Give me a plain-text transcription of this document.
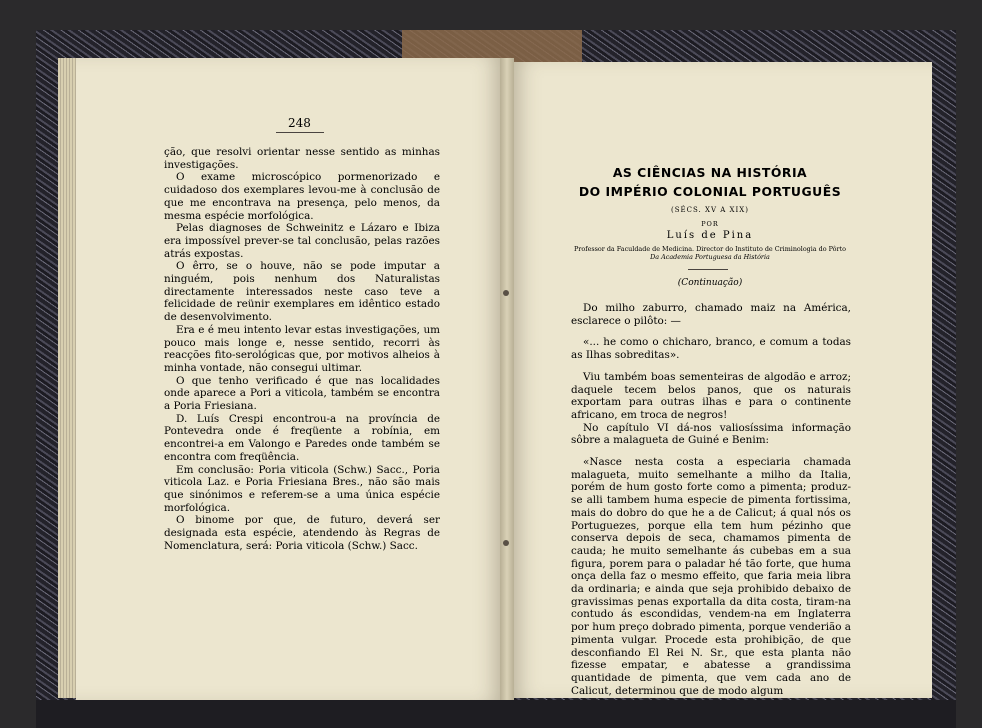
248

ção, que resolvi orientar nesse sentido as minhas investigações.

O exame microscópico pormenorizado e cuidadoso dos exemplares levou-me à conclusão de que me encontrava na presença, pelo menos, da mesma espécie morfológica.

Pelas diagnoses de Schweinitz e Lázaro e Ibiza era impossível prever-se tal conclusão, pelas razões atrás expostas.

O êrro, se o houve, não se pode imputar a ninguém, pois nenhum dos Naturalistas directamente interessados neste caso teve a felicidade de reünir exemplares em idêntico estado de desenvolvimento.

Era e é meu intento levar estas investigações, um pouco mais longe e, nesse sentido, recorri às reacções fito-serológicas que, por motivos alheios à minha vontade, não consegui ultimar.

O que tenho verificado é que nas localidades onde aparece a Pori a viticola, também se encontra a Poria Friesiana.

D. Luís Crespi encontrou-a na província de Pontevedra onde é freqüente a robínia, em encontrei-a em Valongo e Paredes onde também se encontra com freqüência.

Em conclusão: Poria viticola (Schw.) Sacc., Poria viticola Laz. e Poria Friesiana Bres., não são mais que sinónimos e referem-se a uma única espécie morfológica.

O binome por que, de futuro, deverá ser designada esta espécie, atendendo às Regras de Nomenclatura, será: Poria viticola (Schw.) Sacc.

AS CIÊNCIAS NA HISTÓRIA
DO IMPÉRIO COLONIAL PORTUGUÊS
(SÉCS. XV A XIX)
POR
Luís de Pina
Professor da Faculdade de Medicina. Director do Instituto de Criminologia do Pôrto
Da Academia Portuguesa da História
(Continuação)

Do milho zaburro, chamado maiz na América, esclarece o pilôto: —

«... he como o chicharo, branco, e comum a todas as Ilhas sobreditas».

Viu também boas sementeiras de algodão e arroz; daquele tecem belos panos, que os naturais exportam para outras ilhas e para o continente africano, em troca de negros!

No capítulo VI dá-nos valiosíssima informação sôbre a malagueta de Guiné e Benim:

«Nasce nesta costa a especiaria chamada malagueta, muito semelhante a milho da Italia, porém de hum gosto forte como a pimenta; produz-se alli tambem huma especie de pimenta fortissima, mais do dobro do que he a de Calicut; á qual nós os Portuguezes, porque ella tem hum pézinho que conserva depois de seca, chamamos pimenta de cauda; he muito semelhante ás cubebas em a sua figura, porem para o paladar hé tão forte, que huma onça della faz o mesmo effeito, que faria meia libra da ordinaria; e ainda que seja prohibido debaixo de gravissimas penas exportalla da dita costa, tiram-na contudo ás escondidas, vendem-na em Inglaterra por hum preço dobrado pimenta, porque venderião a pimenta vulgar. Procede esta prohibição, de que desconfiando El Rei N. Sr., que esta planta não fizesse empatar, e abatesse a grandissima quantidade de pimenta, que vem cada ano de Calicut, determinou que de modo algum
